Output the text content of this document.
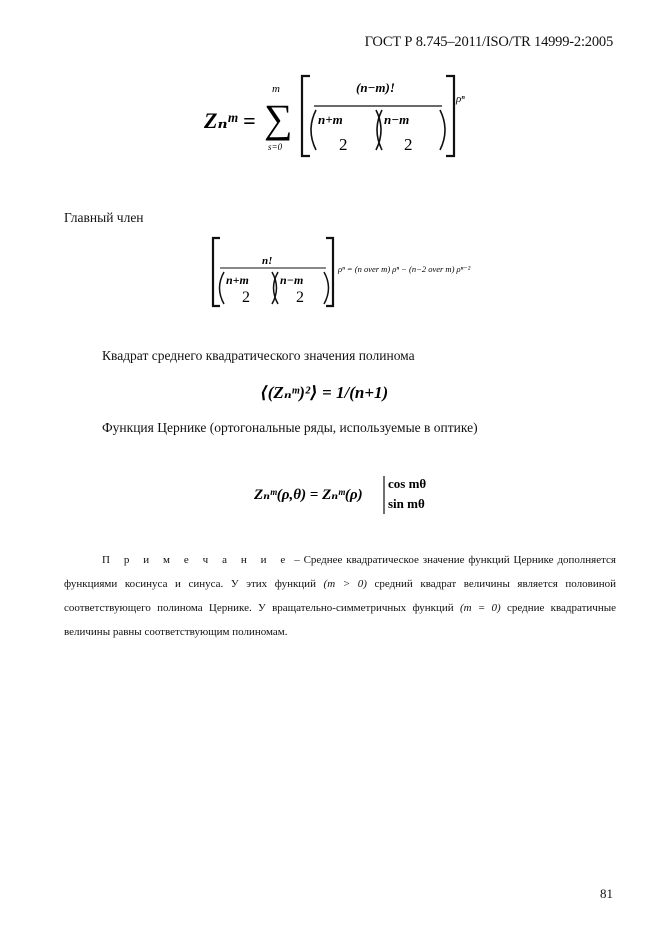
ГОСТ Р 8.745–2011/ISO/TR 14999-2:2005
Zₙᵐ = ∑
m
s=0
(n−m)!
n+m	n−m
2	2
ρⁿ
Главный член
n!
n+m	n−m
2	2
ρⁿ = (n over m) ρⁿ − (n−2 over m) ρⁿ⁻²
Квадрат среднего квадратического значения полинома
⟨(Zₙᵐ)²⟩ = 1/(n+1)
Функция Цернике (ортогональные ряды, используемые в оптике)
Zₙᵐ(ρ,θ) = Zₙᵐ(ρ)
cos mθ
sin mθ
П р и м е ч а н и е – Среднее квадратическое значение функций Цернике дополняется функциями косинуса и синуса. У этих функций (m > 0) средний квадрат величины является половиной соответствующего полинома Цернике. У вращательно-симметричных функций (m = 0) средние квадратичные величины равны соответствующим полиномам.
81
